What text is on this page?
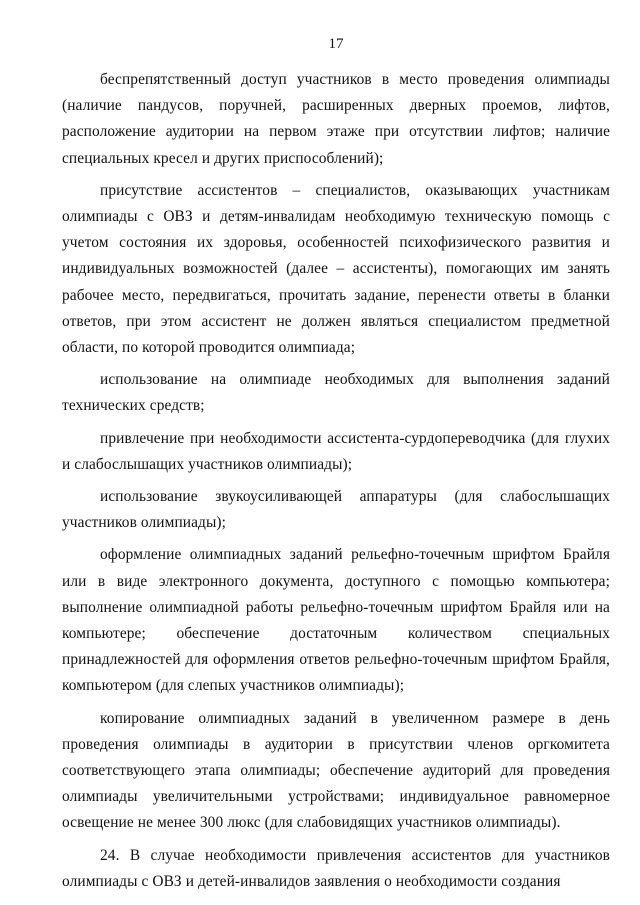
17

беспрепятственный доступ участников в место проведения олимпиады (наличие пандусов, поручней, расширенных дверных проемов, лифтов, расположение аудитории на первом этаже при отсутствии лифтов; наличие специальных кресел и других приспособлений);

присутствие ассистентов – специалистов, оказывающих участникам олимпиады с ОВЗ и детям-инвалидам необходимую техническую помощь с учетом состояния их здоровья, особенностей психофизического развития и индивидуальных возможностей (далее – ассистенты), помогающих им занять рабочее место, передвигаться, прочитать задание, перенести ответы в бланки ответов, при этом ассистент не должен являться специалистом предметной области, по которой проводится олимпиада;

использование на олимпиаде необходимых для выполнения заданий технических средств;

привлечение при необходимости ассистента-сурдопереводчика (для глухих и слабослышащих участников олимпиады);

использование звукоусиливающей аппаратуры (для слабослышащих участников олимпиады);

оформление олимпиадных заданий рельефно-точечным шрифтом Брайля или в виде электронного документа, доступного с помощью компьютера; выполнение олимпиадной работы рельефно-точечным шрифтом Брайля или на компьютере; обеспечение достаточным количеством специальных принадлежностей для оформления ответов рельефно-точечным шрифтом Брайля, компьютером (для слепых участников олимпиады);

копирование олимпиадных заданий в увеличенном размере в день проведения олимпиады в аудитории в присутствии членов оргкомитета соответствующего этапа олимпиады; обеспечение аудиторий для проведения олимпиады увеличительными устройствами; индивидуальное равномерное освещение не менее 300 люкс (для слабовидящих участников олимпиады).

24. В случае необходимости привлечения ассистентов для участников олимпиады с ОВЗ и детей-инвалидов заявления о необходимости создания
